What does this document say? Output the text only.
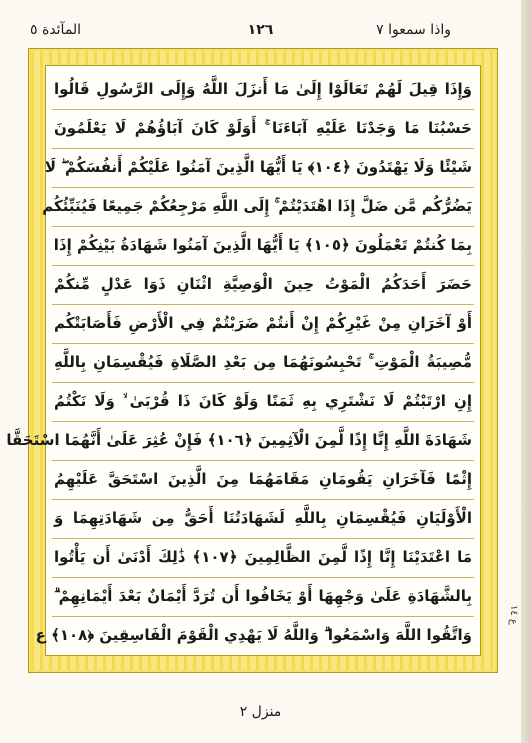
المآئدة ٥	١٢٦	واذا سمعوا ٧
وَإِذَا قِيلَ لَهُمْ تَعَالَوْا إِلَىٰ مَا أَنزَلَ اللَّهُ وَإِلَى الرَّسُولِ قَالُوا
حَسْبُنَا مَا وَجَدْنَا عَلَيْهِ آبَاءَنَا ۚ أَوَلَوْ كَانَ آبَاؤُهُمْ لَا يَعْلَمُونَ
شَيْئًا وَلَا يَهْتَدُونَ ﴿١٠٤﴾ يَا أَيُّهَا الَّذِينَ آمَنُوا عَلَيْكُمْ أَنفُسَكُمْ ۖ لَا
يَضُرُّكُم مَّن ضَلَّ إِذَا اهْتَدَيْتُمْ ۚ إِلَى اللَّهِ مَرْجِعُكُمْ جَمِيعًا فَيُنَبِّئُكُم
بِمَا كُنتُمْ تَعْمَلُونَ ﴿١٠٥﴾ يَا أَيُّهَا الَّذِينَ آمَنُوا شَهَادَةُ بَيْنِكُمْ إِذَا
حَضَرَ أَحَدَكُمُ الْمَوْتُ حِينَ الْوَصِيَّةِ اثْنَانِ ذَوَا عَدْلٍ مِّنكُمْ
أَوْ آخَرَانِ مِنْ غَيْرِكُمْ إِنْ أَنتُمْ ضَرَبْتُمْ فِي الْأَرْضِ فَأَصَابَتْكُم
مُّصِيبَةُ الْمَوْتِ ۚ تَحْبِسُونَهُمَا مِن بَعْدِ الصَّلَاةِ فَيُقْسِمَانِ بِاللَّهِ
إِنِ ارْتَبْتُمْ لَا نَشْتَرِي بِهِ ثَمَنًا وَلَوْ كَانَ ذَا قُرْبَىٰ ۙ وَلَا نَكْتُمُ
شَهَادَةَ اللَّهِ إِنَّا إِذًا لَّمِنَ الْآثِمِينَ ﴿١٠٦﴾ فَإِنْ عُثِرَ عَلَىٰ أَنَّهُمَا اسْتَحَقَّا
إِثْمًا فَآخَرَانِ يَقُومَانِ مَقَامَهُمَا مِنَ الَّذِينَ اسْتَحَقَّ عَلَيْهِمُ
الْأَوْلَيَانِ فَيُقْسِمَانِ بِاللَّهِ لَشَهَادَتُنَا أَحَقُّ مِن شَهَادَتِهِمَا وَ
مَا اعْتَدَيْنَا إِنَّا إِذًا لَّمِنَ الظَّالِمِينَ ﴿١٠٧﴾ ذَٰلِكَ أَدْنَىٰ أَن يَأْتُوا
بِالشَّهَادَةِ عَلَىٰ وَجْهِهَا أَوْ يَخَافُوا أَن تُرَدَّ أَيْمَانٌ بَعْدَ أَيْمَانِهِمْ ۗ
وَاتَّقُوا اللَّهَ وَاسْمَعُوا ۗ وَاللَّهُ لَا يَهْدِي الْقَوْمَ الْفَاسِقِينَ ﴿١٠٨﴾ ع
ع ١٤
منزل ٢
